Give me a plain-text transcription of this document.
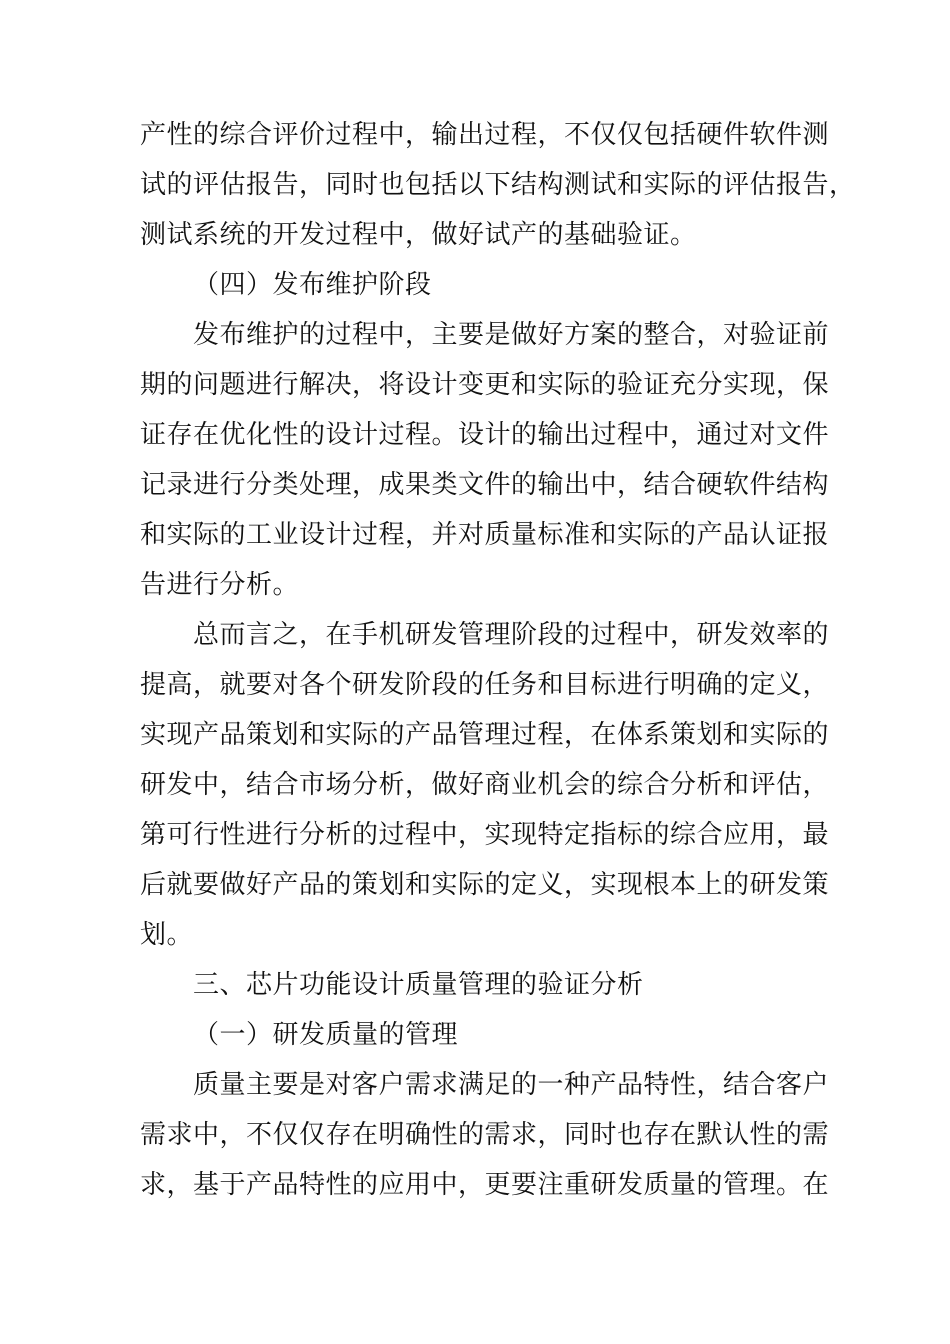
产性的综合评价过程中，输出过程，不仅仅包括硬件软件测
试的评估报告，同时也包括以下结构测试和实际的评估报告，
测试系统的开发过程中，做好试产的基础验证。
（四）发布维护阶段
发布维护的过程中，主要是做好方案的整合，对验证前
期的问题进行解决，将设计变更和实际的验证充分实现，保
证存在优化性的设计过程。设计的输出过程中，通过对文件
记录进行分类处理，成果类文件的输出中，结合硬软件结构
和实际的工业设计过程，并对质量标准和实际的产品认证报
告进行分析。
总而言之，在手机研发管理阶段的过程中，研发效率的
提高，就要对各个研发阶段的任务和目标进行明确的定义，
实现产品策划和实际的产品管理过程，在体系策划和实际的
研发中，结合市场分析，做好商业机会的综合分析和评估，
第可行性进行分析的过程中，实现特定指标的综合应用，最
后就要做好产品的策划和实际的定义，实现根本上的研发策
划。
三、芯片功能设计质量管理的验证分析
（一）研发质量的管理
质量主要是对客户需求满足的一种产品特性，结合客户
需求中，不仅仅存在明确性的需求，同时也存在默认性的需
求，基于产品特性的应用中，更要注重研发质量的管理。在
